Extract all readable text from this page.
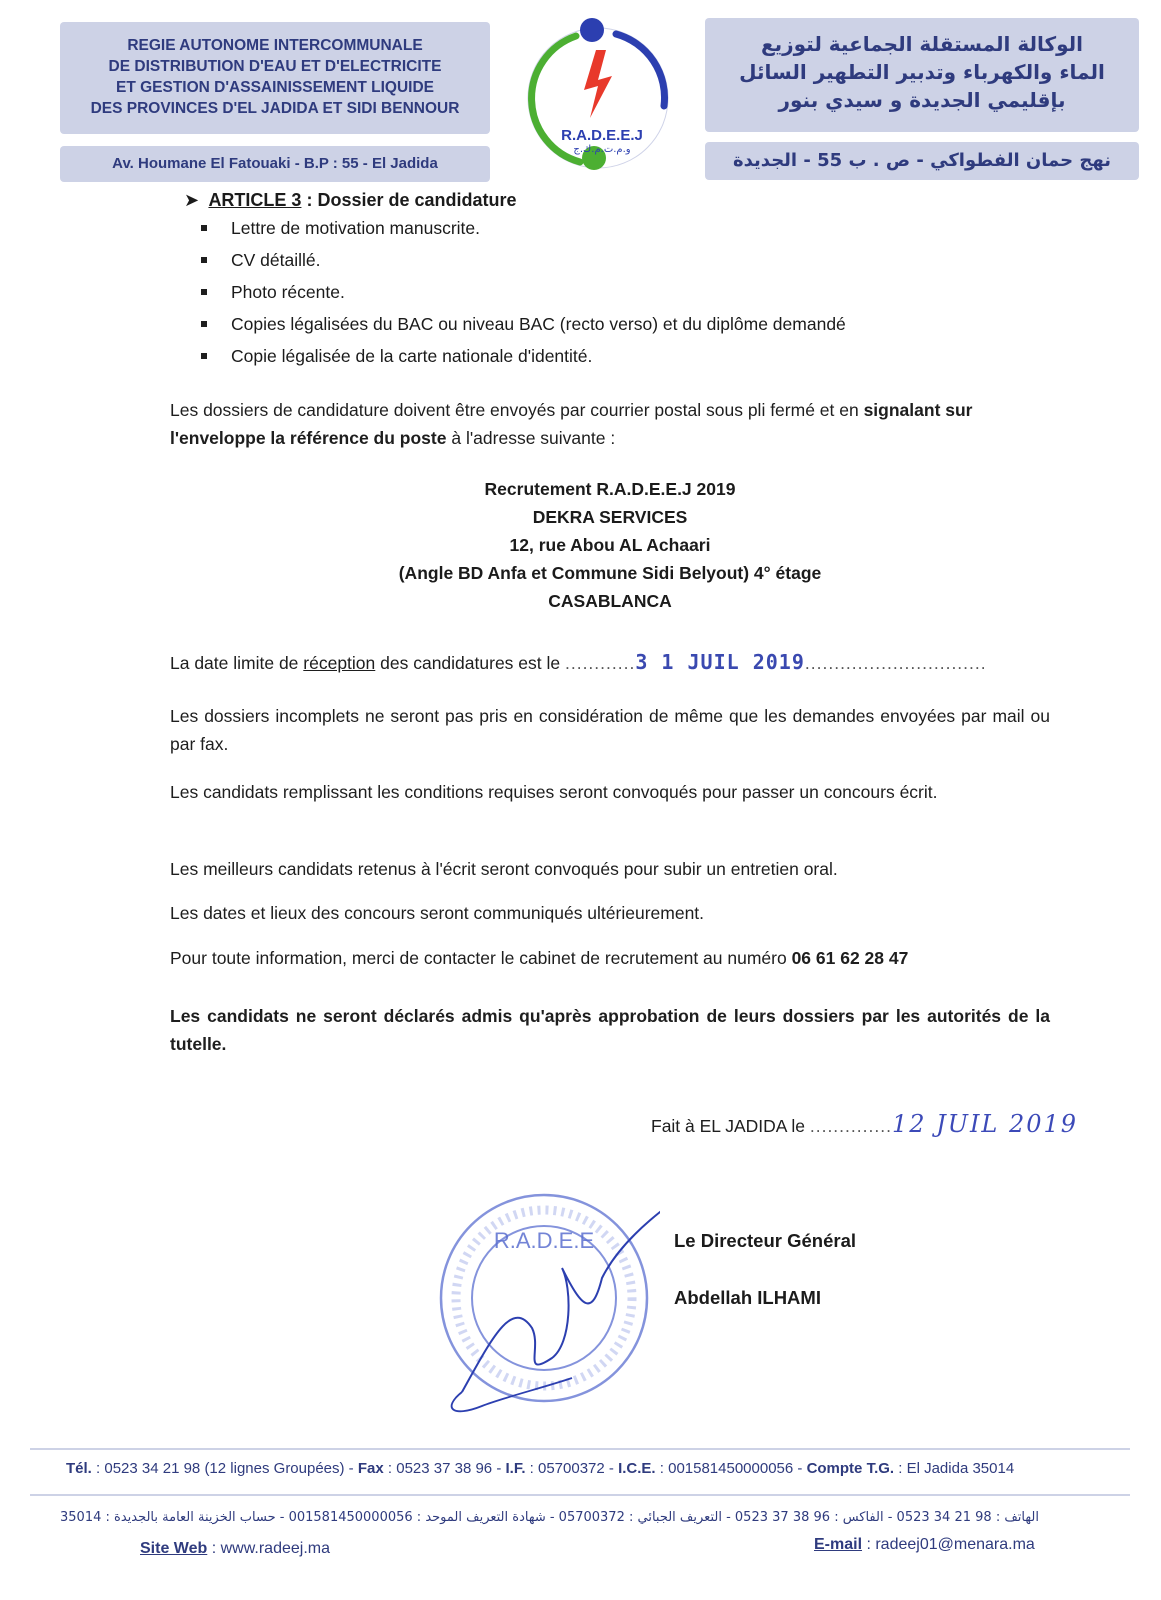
REGIE AUTONOME INTERCOMMUNALE
DE DISTRIBUTION D'EAU ET D'ELECTRICITE
ET GESTION D'ASSAINISSEMENT LIQUIDE
DES PROVINCES D'EL JADIDA ET SIDI BENNOUR
Av. Houmane El Fatouaki - B.P : 55 - El Jadida
R.A.D.E.E.J
و.م.ت.م.ك.ج
الوكالة المستقلة الجماعية لتوزيع
الماء والكهرباء وتدبير التطهير السائل
بإقليمي الجديدة و سيدي بنور
نهج حمان الفطواكي - ص . ب 55 - الجديدة
➤ ARTICLE 3 : Dossier de candidature
Lettre de motivation manuscrite.
CV détaillé.
Photo récente.
Copies légalisées du BAC ou niveau BAC (recto verso) et du diplôme demandé
Copie légalisée de la carte nationale d'identité.
Les dossiers de candidature doivent être envoyés par courrier postal sous pli fermé et en signalant sur l'enveloppe la référence du poste à l'adresse suivante :
Recrutement R.A.D.E.E.J 2019
DEKRA SERVICES
12, rue Abou AL Achaari
(Angle BD Anfa et Commune Sidi Belyout) 4° étage
CASABLANCA
La date limite de réception des candidatures est le ............3 1 JUIL 2019...............................
Les dossiers incomplets ne seront pas pris en considération de même que les demandes envoyées par mail ou par fax.
Les candidats remplissant les conditions requises seront convoqués pour passer un concours écrit.
Les meilleurs candidats retenus à l'écrit seront convoqués pour subir un entretien oral.
Les dates et lieux des concours seront communiqués ultérieurement.
Pour toute information, merci de contacter le cabinet de recrutement au numéro 06 61 62 28 47
Les candidats ne seront déclarés admis qu'après approbation de leurs dossiers par les autorités de la tutelle.
Fait à EL JADIDA le ..............12 JUIL 2019
R.A.D.E.E	Le Directeur Général
Abdellah ILHAMI
Tél. : 0523 34 21 98 (12 lignes Groupées) - Fax : 0523 37 38 96 - I.F. : 05700372 - I.C.E. : 001581450000056 - Compte T.G. : El Jadida 35014
الهاتف : 98 21 34 0523 - الفاكس : 96 38 37 0523 - التعريف الجبائي : 05700372 - شهادة التعريف الموحد : 001581450000056 - حساب الخزينة العامة بالجديدة : 35014
Site Web : www.radeej.ma	E-mail : radeej01@menara.ma
